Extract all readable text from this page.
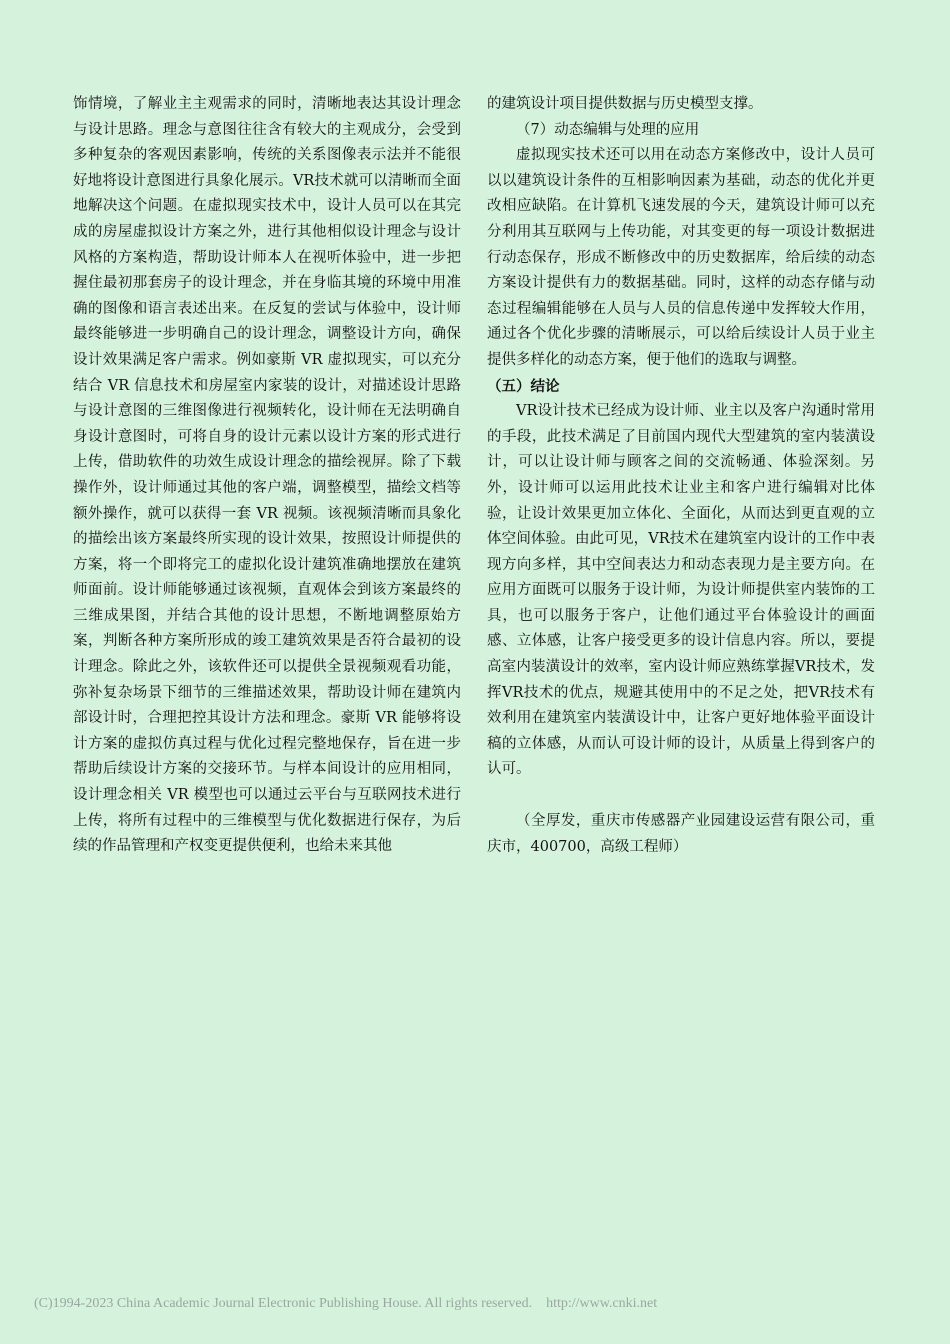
饰情境，了解业主主观需求的同时，清晰地表达其设计理念与设计思路。理念与意图往往含有较大的主观成分，会受到多种复杂的客观因素影响，传统的关系图像表示法并不能很好地将设计意图进行具象化展示。VR技术就可以清晰而全面地解决这个问题。在虚拟现实技术中，设计人员可以在其完成的房屋虚拟设计方案之外，进行其他相似设计理念与设计风格的方案构造，帮助设计师本人在视听体验中，进一步把握住最初那套房子的设计理念，并在身临其境的环境中用准确的图像和语言表述出来。在反复的尝试与体验中，设计师最终能够进一步明确自己的设计理念，调整设计方向，确保设计效果满足客户需求。例如豪斯 VR 虚拟现实，可以充分结合 VR 信息技术和房屋室内家装的设计，对描述设计思路与设计意图的三维图像进行视频转化，设计师在无法明确自身设计意图时，可将自身的设计元素以设计方案的形式进行上传，借助软件的功效生成设计理念的描绘视屏。除了下载操作外，设计师通过其他的客户端，调整模型，描绘文档等额外操作，就可以获得一套 VR 视频。该视频清晰而具象化的描绘出该方案最终所实现的设计效果，按照设计师提供的方案，将一个即将完工的虚拟化设计建筑准确地摆放在建筑师面前。设计师能够通过该视频，直观体会到该方案最终的三维成果图，并结合其他的设计思想，不断地调整原始方案，判断各种方案所形成的竣工建筑效果是否符合最初的设计理念。除此之外，该软件还可以提供全景视频观看功能，弥补复杂场景下细节的三维描述效果，帮助设计师在建筑内部设计时，合理把控其设计方法和理念。豪斯 VR 能够将设计方案的虚拟仿真过程与优化过程完整地保存，旨在进一步帮助后续设计方案的交接环节。与样本间设计的应用相同，设计理念相关 VR 模型也可以通过云平台与互联网技术进行上传，将所有过程中的三维模型与优化数据进行保存，为后续的作品管理和产权变更提供便利，也给未来其他

的建筑设计项目提供数据与历史模型支撑。

（7）动态编辑与处理的应用

虚拟现实技术还可以用在动态方案修改中，设计人员可以以建筑设计条件的互相影响因素为基础，动态的优化并更改相应缺陷。在计算机飞速发展的今天，建筑设计师可以充分利用其互联网与上传功能，对其变更的每一项设计数据进行动态保存，形成不断修改中的历史数据库，给后续的动态方案设计提供有力的数据基础。同时，这样的动态存储与动态过程编辑能够在人员与人员的信息传递中发挥较大作用，通过各个优化步骤的清晰展示，可以给后续设计人员于业主提供多样化的动态方案，便于他们的选取与调整。

（五）结论

VR设计技术已经成为设计师、业主以及客户沟通时常用的手段，此技术满足了目前国内现代大型建筑的室内装潢设计，可以让设计师与顾客之间的交流畅通、体验深刻。另外，设计师可以运用此技术让业主和客户进行编辑对比体验，让设计效果更加立体化、全面化，从而达到更直观的立体空间体验。由此可见，VR技术在建筑室内设计的工作中表现方向多样，其中空间表达力和动态表现力是主要方向。在应用方面既可以服务于设计师，为设计师提供室内装饰的工具，也可以服务于客户，让他们通过平台体验设计的画面感、立体感，让客户接受更多的设计信息内容。所以，要提高室内装潢设计的效率，室内设计师应熟练掌握VR技术，发挥VR技术的优点，规避其使用中的不足之处，把VR技术有效利用在建筑室内装潢设计中，让客户更好地体验平面设计稿的立体感，从而认可设计师的设计，从质量上得到客户的认可。

（全厚发，重庆市传感器产业园建设运营有限公司，重庆市，400700，高级工程师）

(C)1994-2023 China Academic Journal Electronic Publishing House. All rights reserved.    http://www.cnki.net
